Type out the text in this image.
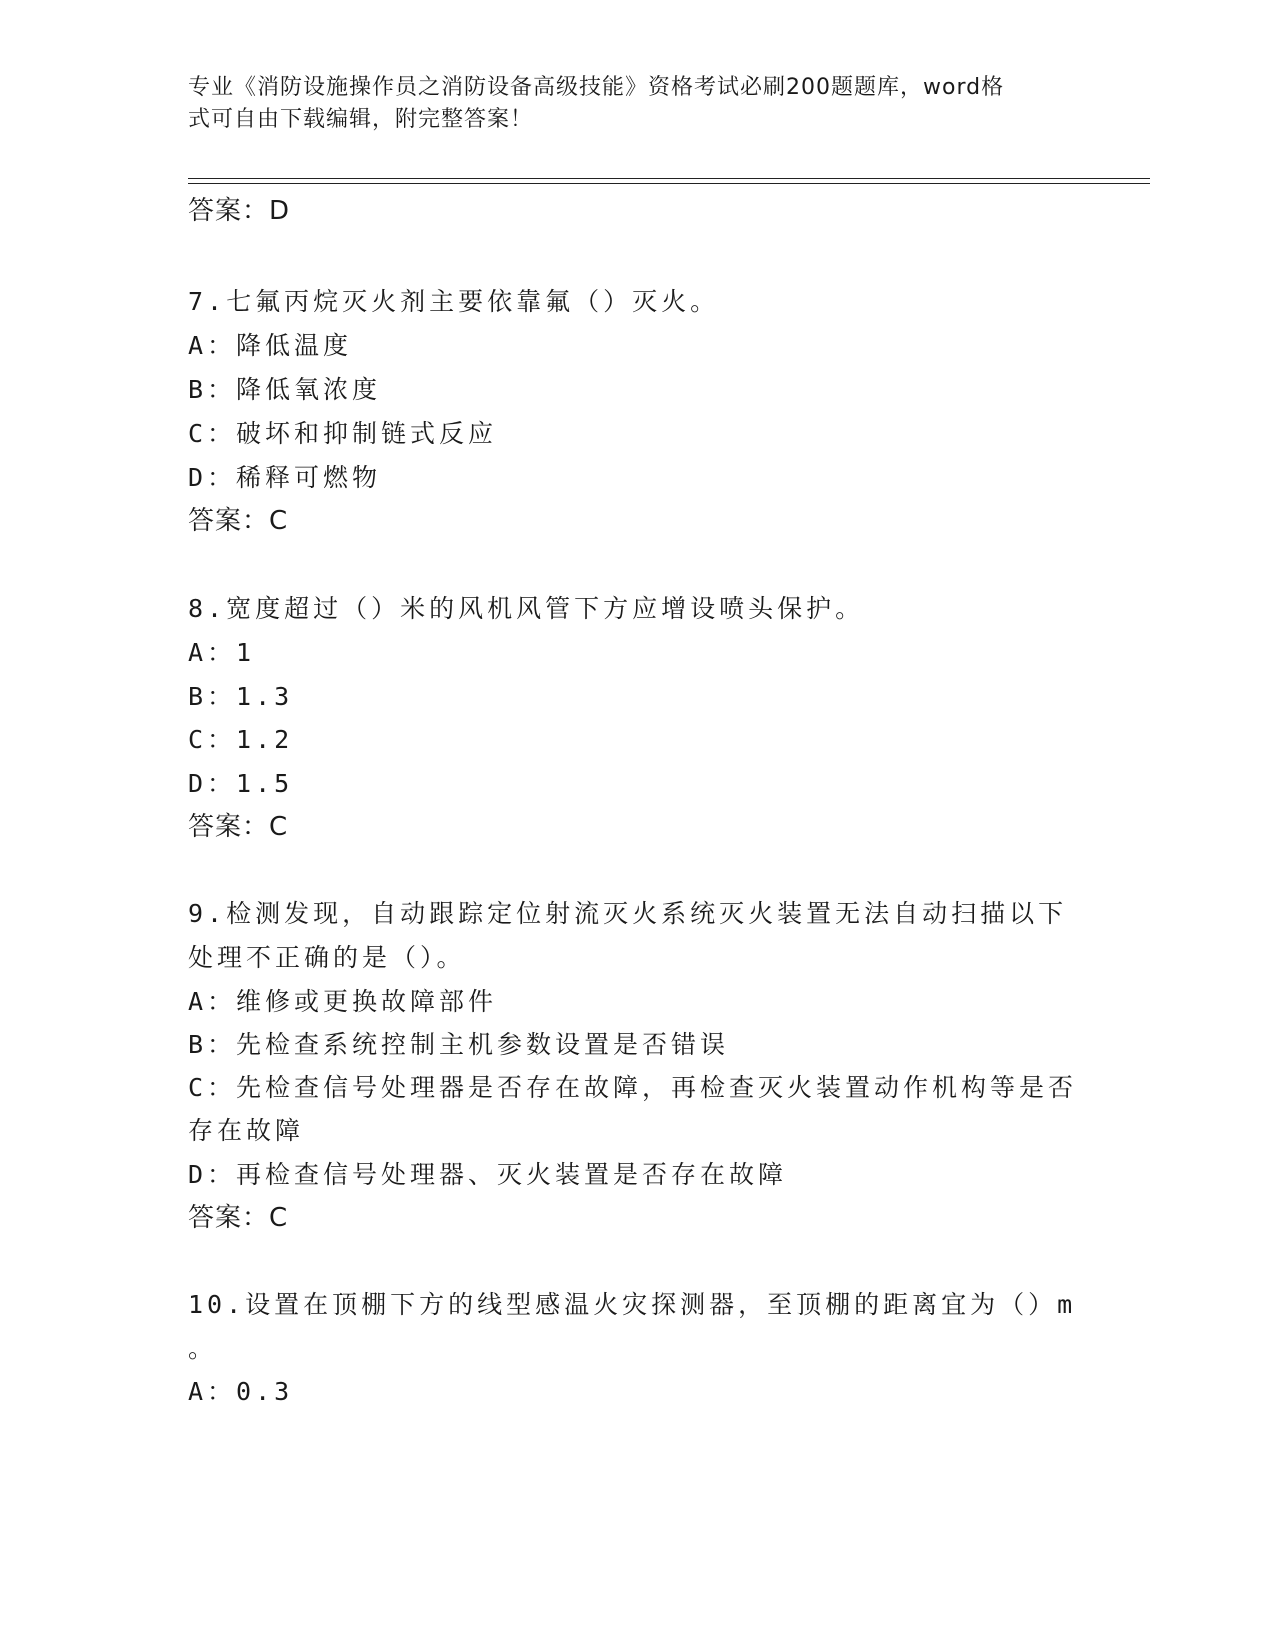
专业《消防设施操作员之消防设备高级技能》资格考试必刷200题题库，word格
式可自由下载编辑，附完整答案！
答案：D
7.七氟丙烷灭火剂主要依靠氟（）灭火。
A：降低温度
B：降低氧浓度
C：破坏和抑制链式反应
D：稀释可燃物
答案：C
8.宽度超过（）米的风机风管下方应增设喷头保护。
A：1
B：1.3
C：1.2
D：1.5
答案：C
9.检测发现，自动跟踪定位射流灭火系统灭火装置无法自动扫描以下
处理不正确的是（）。
A：维修或更换故障部件
B：先检查系统控制主机参数设置是否错误
C：先检查信号处理器是否存在故障，再检查灭火装置动作机构等是否
存在故障
D：再检查信号处理器、灭火装置是否存在故障
答案：C
10.设置在顶棚下方的线型感温火灾探测器，至顶棚的距离宜为（）m
。
A：0.3
